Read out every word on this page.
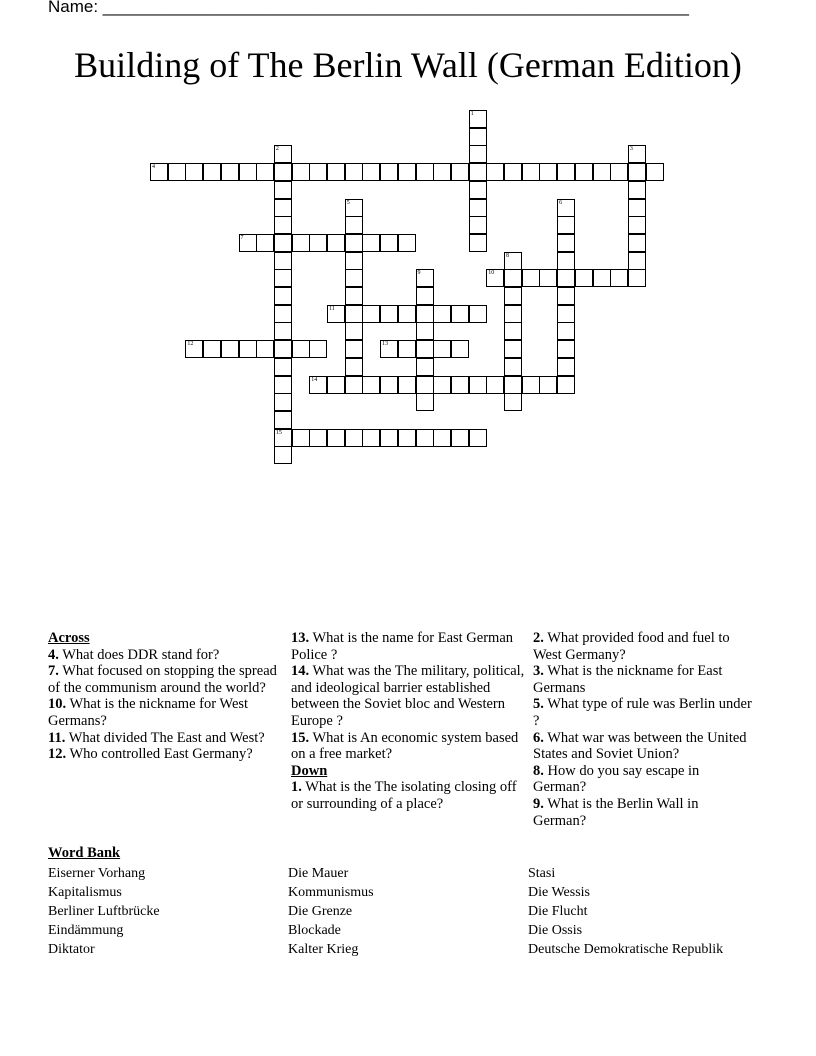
Name: ______________________________________________________________
Building of The Berlin Wall (German Edition)
1
2
15
3
4
5	6
7
8
9	10
11
12	13
14
Across
4. What does DDR stand for?
7. What focused on stopping the spread of the communism around the world?
10. What is the nickname for West Germans?
11. What divided The East and West?
12. Who controlled East Germany?
13. What is the name for East German Police ?
14. What was the The military, political, and ideological barrier established between the Soviet bloc and Western Europe ?
15. What is An economic system based on a free market?
Down
1. What is the The isolating closing off or surrounding of a place?
2. What provided food and fuel to West Germany?
3. What is the nickname for East Germans
5. What type of rule was Berlin under ?
6. What war was between the United States and Soviet Union?
8. How do you say escape in German?
9. What is the Berlin Wall in German?
Word Bank
Eiserner Vorhang
Kapitalismus
Berliner Luftbrücke
Eindämmung
Diktator
Die Mauer
Kommunismus
Die Grenze
Blockade
Kalter Krieg
Stasi
Die Wessis
Die Flucht
Die Ossis
Deutsche Demokratische Republik
